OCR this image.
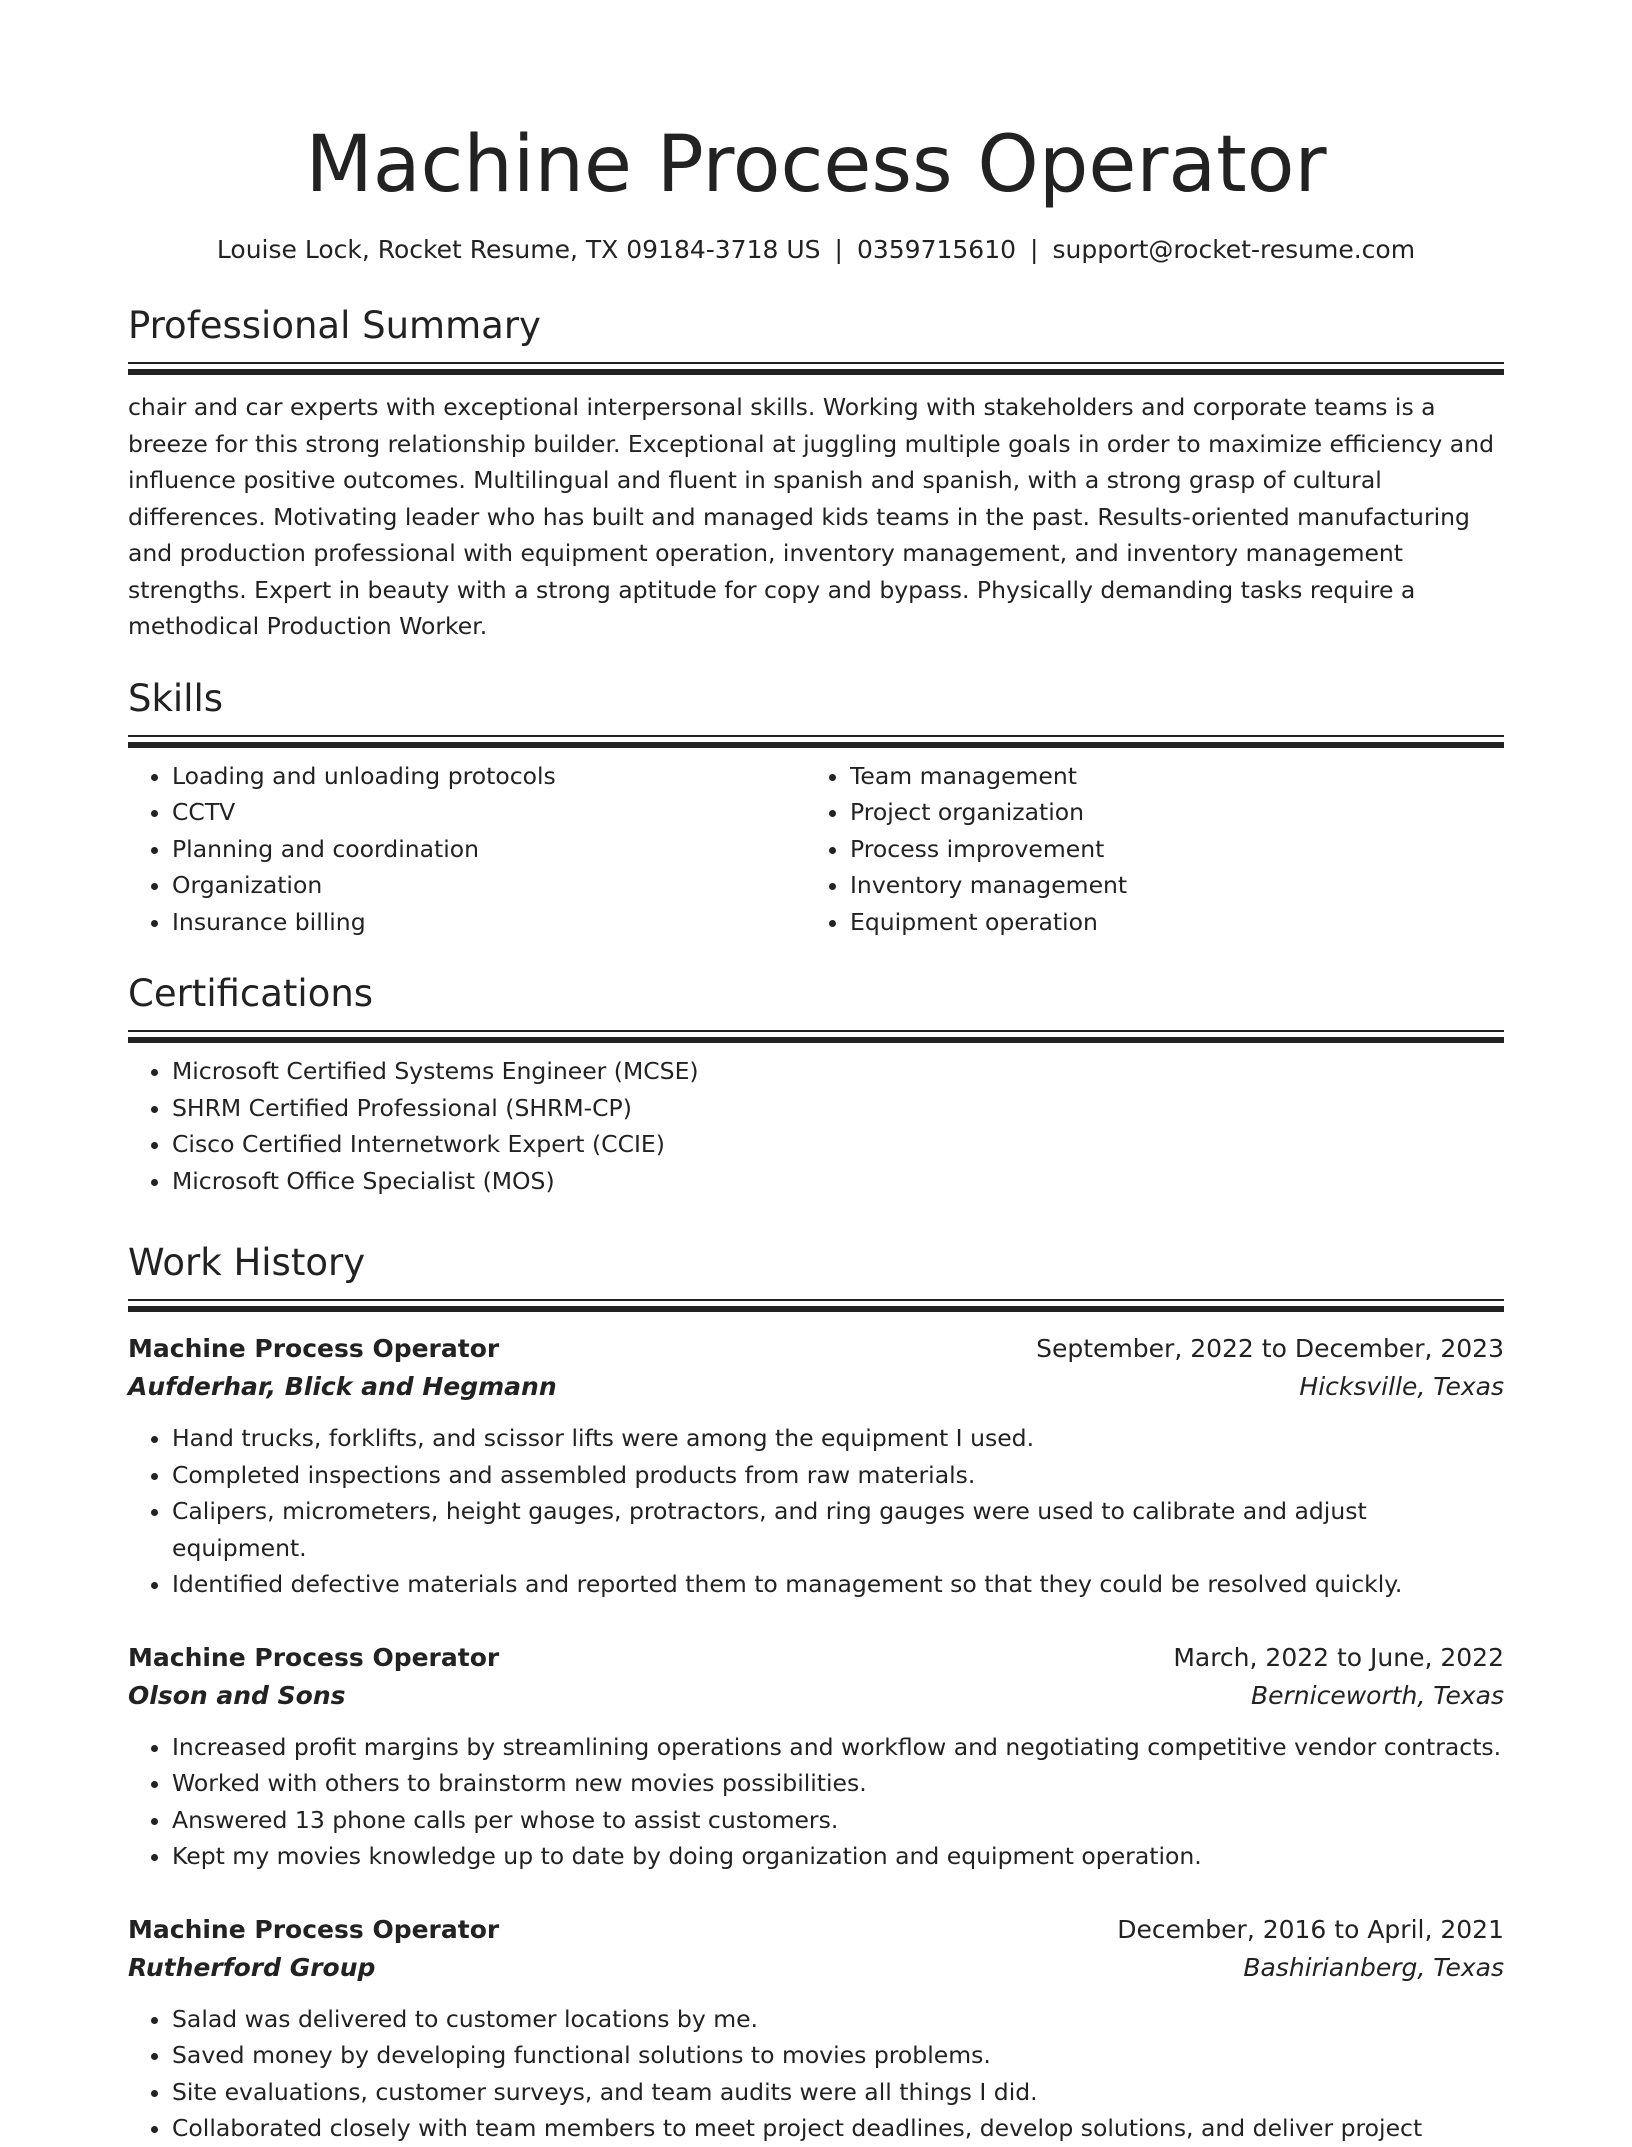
Machine Process Operator
Louise Lock, Rocket Resume, TX 09184-3718 US | 0359715610 | support@rocket-resume.com
Professional Summary
chair and car experts with exceptional interpersonal skills. Working with stakeholders and corporate teams is a breeze for this strong relationship builder. Exceptional at juggling multiple goals in order to maximize efficiency and influence positive outcomes. Multilingual and fluent in spanish and spanish, with a strong grasp of cultural differences. Motivating leader who has built and managed kids teams in the past. Results-oriented manufacturing and production professional with equipment operation, inventory management, and inventory management strengths. Expert in beauty with a strong aptitude for copy and bypass. Physically demanding tasks require a methodical Production Worker.
Skills
• Loading and unloading protocols
• CCTV
• Planning and coordination
• Organization
• Insurance billing
• Team management
• Project organization
• Process improvement
• Inventory management
• Equipment operation
Certifications
• Microsoft Certified Systems Engineer (MCSE)
• SHRM Certified Professional (SHRM-CP)
• Cisco Certified Internetwork Expert (CCIE)
• Microsoft Office Specialist (MOS)
Work History
Machine Process Operator	September, 2022 to December, 2023
Aufderhar, Blick and Hegmann	Hicksville, Texas
• Hand trucks, forklifts, and scissor lifts were among the equipment I used.
• Completed inspections and assembled products from raw materials.
• Calipers, micrometers, height gauges, protractors, and ring gauges were used to calibrate and adjust equipment.
• Identified defective materials and reported them to management so that they could be resolved quickly.
Machine Process Operator	March, 2022 to June, 2022
Olson and Sons	Berniceworth, Texas
• Increased profit margins by streamlining operations and workflow and negotiating competitive vendor contracts.
• Worked with others to brainstorm new movies possibilities.
• Answered 13 phone calls per whose to assist customers.
• Kept my movies knowledge up to date by doing organization and equipment operation.
Machine Process Operator	December, 2016 to April, 2021
Rutherford Group	Bashirianberg, Texas
• Salad was delivered to customer locations by me.
• Saved money by developing functional solutions to movies problems.
• Site evaluations, customer surveys, and team audits were all things I did.
• Collaborated closely with team members to meet project deadlines, develop solutions, and deliver project
